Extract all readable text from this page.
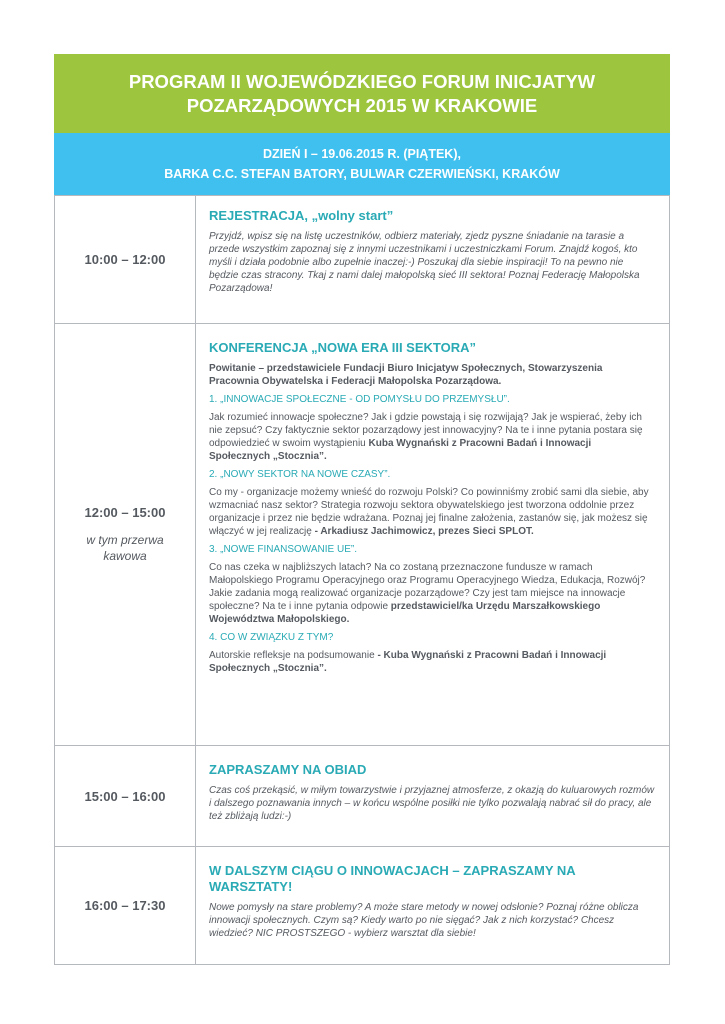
PROGRAM II WOJEWÓDZKIEGO FORUM INICJATYW
POZARZĄDOWYCH 2015 W KRAKOWIE
DZIEŃ I – 19.06.2015 R. (PIĄTEK),
BARKA C.C. STEFAN BATORY, BULWAR CZERWIEŃSKI, KRAKÓW
10:00 – 12:00
REJESTRACJA, „wolny start”
Przyjdź, wpisz się na listę uczestników, odbierz materiały, zjedz pyszne śniadanie na tarasie a przede wszystkim zapoznaj się z innymi uczestnikami i uczestniczkami Forum. Znajdź kogoś, kto myśli i działa podobnie albo zupełnie inaczej:-) Poszukaj dla siebie inspiracji! To na pewno nie będzie czas stracony. Tkaj z nami dalej małopolską sieć III sektora! Poznaj Federację Małopolska Pozarządowa!
12:00 – 15:00
w tym przerwa kawowa
KONFERENCJA „NOWA ERA III SEKTORA”
Powitanie – przedstawiciele Fundacji Biuro Inicjatyw Społecznych, Stowarzyszenia Pracownia Obywatelska i Federacji Małopolska Pozarządowa.
1. „INNOWACJE SPOŁECZNE - OD POMYSŁU DO PRZEMYSŁU”.
Jak rozumieć innowacje społeczne? Jak i gdzie powstają i się rozwijają? Jak je wspierać, żeby ich nie zepsuć? Czy faktycznie sektor pozarządowy jest innowacyjny? Na te i inne pytania postara się odpowiedzieć w swoim wystąpieniu Kuba Wygnański z Pracowni Badań i Innowacji Społecznych „Stocznia”.
2. „NOWY SEKTOR NA NOWE CZASY”.
Co my - organizacje możemy wnieść do rozwoju Polski? Co powinniśmy zrobić sami dla siebie, aby wzmacniać nasz sektor? Strategia rozwoju sektora obywatelskiego jest tworzona oddolnie przez organizacje i przez nie będzie wdrażana. Poznaj jej finalne założenia, zastanów się, jak możesz się włączyć w jej realizację - Arkadiusz Jachimowicz, prezes Sieci SPLOT.
3. „NOWE FINANSOWANIE UE”.
Co nas czeka w najbliższych latach? Na co zostaną przeznaczone fundusze w ramach Małopolskiego Programu Operacyjnego oraz Programu Operacyjnego Wiedza, Edukacja, Rozwój? Jakie zadania mogą realizować organizacje pozarządowe? Czy jest tam miejsce na innowacje społeczne? Na te i inne pytania odpowie przedstawiciel/ka Urzędu Marszałkowskiego Województwa Małopolskiego.
4. CO W ZWIĄZKU Z TYM?
Autorskie refleksje na podsumowanie - Kuba Wygnański z Pracowni Badań i Innowacji Społecznych „Stocznia”.
15:00 – 16:00
ZAPRASZAMY NA OBIAD
Czas coś przekąsić, w miłym towarzystwie i przyjaznej atmosferze, z okazją do kuluarowych rozmów i dalszego poznawania innych – w końcu wspólne posiłki nie tylko pozwalają nabrać sił do pracy, ale też zbliżają ludzi:-)
16:00 – 17:30
W DALSZYM CIĄGU O INNOWACJACH – ZAPRASZAMY NA WARSZTATY!
Nowe pomysły na stare problemy? A może stare metody w nowej odsłonie? Poznaj różne oblicza innowacji społecznych. Czym są? Kiedy warto po nie sięgać? Jak z nich korzystać? Chcesz wiedzieć? NIC PROSTSZEGO - wybierz warsztat dla siebie!
